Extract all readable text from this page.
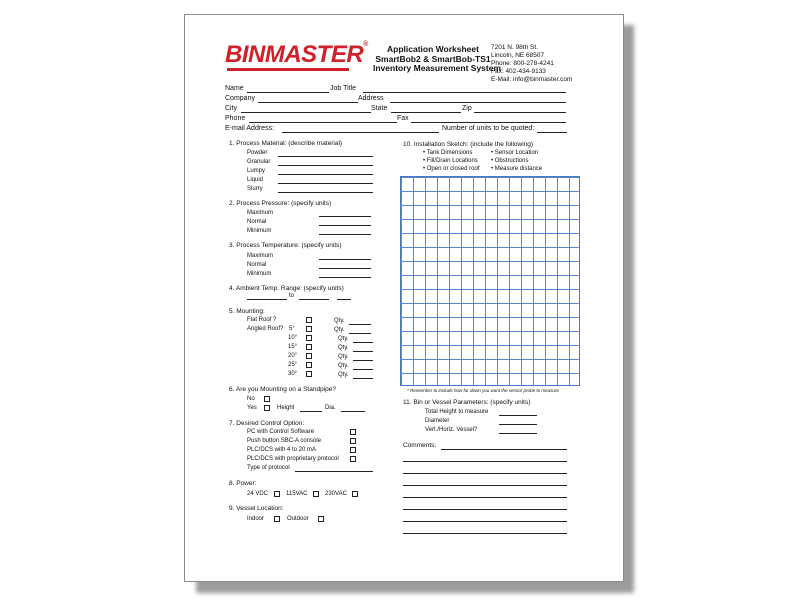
BINMASTER®	Application Worksheet
SmartBob2 & SmartBob-TS1
Inventory Measurement System
7201 N. 98th St.
Lincoln, NE 68507
Phone: 800-278-4241
Fax: 402-434-9133
E-Mail: info@binmaster.com
Name	Job Title
Company	Address
City	State	Zip
Phone	Fax
E-mail Address:	Number of units to be quoted:
1. Process Material: (describe material)
Powder
Granular
Lumpy
Liquid
Slurry
2. Process Pressure: (specify units)
Maximum
Normal
Minimum
3. Process Temperature: (specify units)
Maximum
Normal
Minimum
4. Ambient Temp. Range: (specify units)
to
5. Mounting:
Flat Roof ?	Qty.
Angled Roof? 5°	Qty.
10°	Qty.
15°	Qty.
20°	Qty.
25°	Qty.
30°	Qty.
6. Are you Mounting on a Standpipe?
No
Yes	Height	Dia.
7. Desired Control Option:
PC with Control Software
Push button SBC-A console
PLC/DCS with 4 to 20 mA
PLC/DCS with proprietary protocol
Type of protocol
8. Power:
24 VDC	115VAC	230VAC
9. Vessel Location:
Indoor	Outdoor
10. Installation Sketch: (include the following)
• Tank Dimensions	• Sensor Location
• Fill/Drain Locations • Obstructions
• Open or closed roof • Measure distance
* Remember to include how far down you want the sensor probe to measure
11. Bin or Vessel Parameters: (specify units)
Total Height to measure
Diameter
Vert./Horiz. Vessel?
Comments:
